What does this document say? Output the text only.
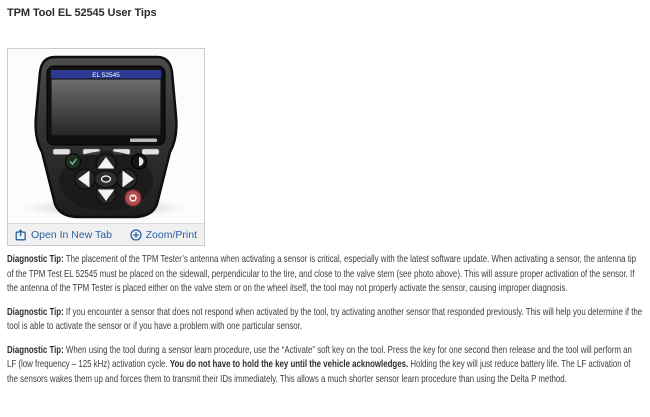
TPM Tool EL 52545 User Tips
EL 52545
Open In New Tab	Zoom/Print

Diagnostic Tip: The placement of the TPM Tester’s antenna when activating a sensor is critical, especially with the latest software update. When activating a sensor, the antenna tip of the TPM Test EL 52545 must be placed on the sidewall, perpendicular to the tire, and close to the valve stem (see photo above). This will assure proper activation of the sensor. If the antenna of the TPM Tester is placed either on the valve stem or on the wheel itself, the tool may not properly activate the sensor, causing improper diagnosis.

Diagnostic Tip: If you encounter a sensor that does not respond when activated by the tool, try activating another sensor that responded previously. This will help you determine if the tool is able to activate the sensor or if you have a problem with one particular sensor.

Diagnostic Tip: When using the tool during a sensor learn procedure, use the “Activate” soft key on the tool. Press the key for one second then release and the tool will perform an LF (low frequency – 125 kHz) activation cycle. You do not have to hold the key until the vehicle acknowledges. Holding the key will just reduce battery life. The LF activation of the sensors wakes them up and forces them to transmit their IDs immediately. This allows a much shorter sensor learn procedure than using the Delta P method.
